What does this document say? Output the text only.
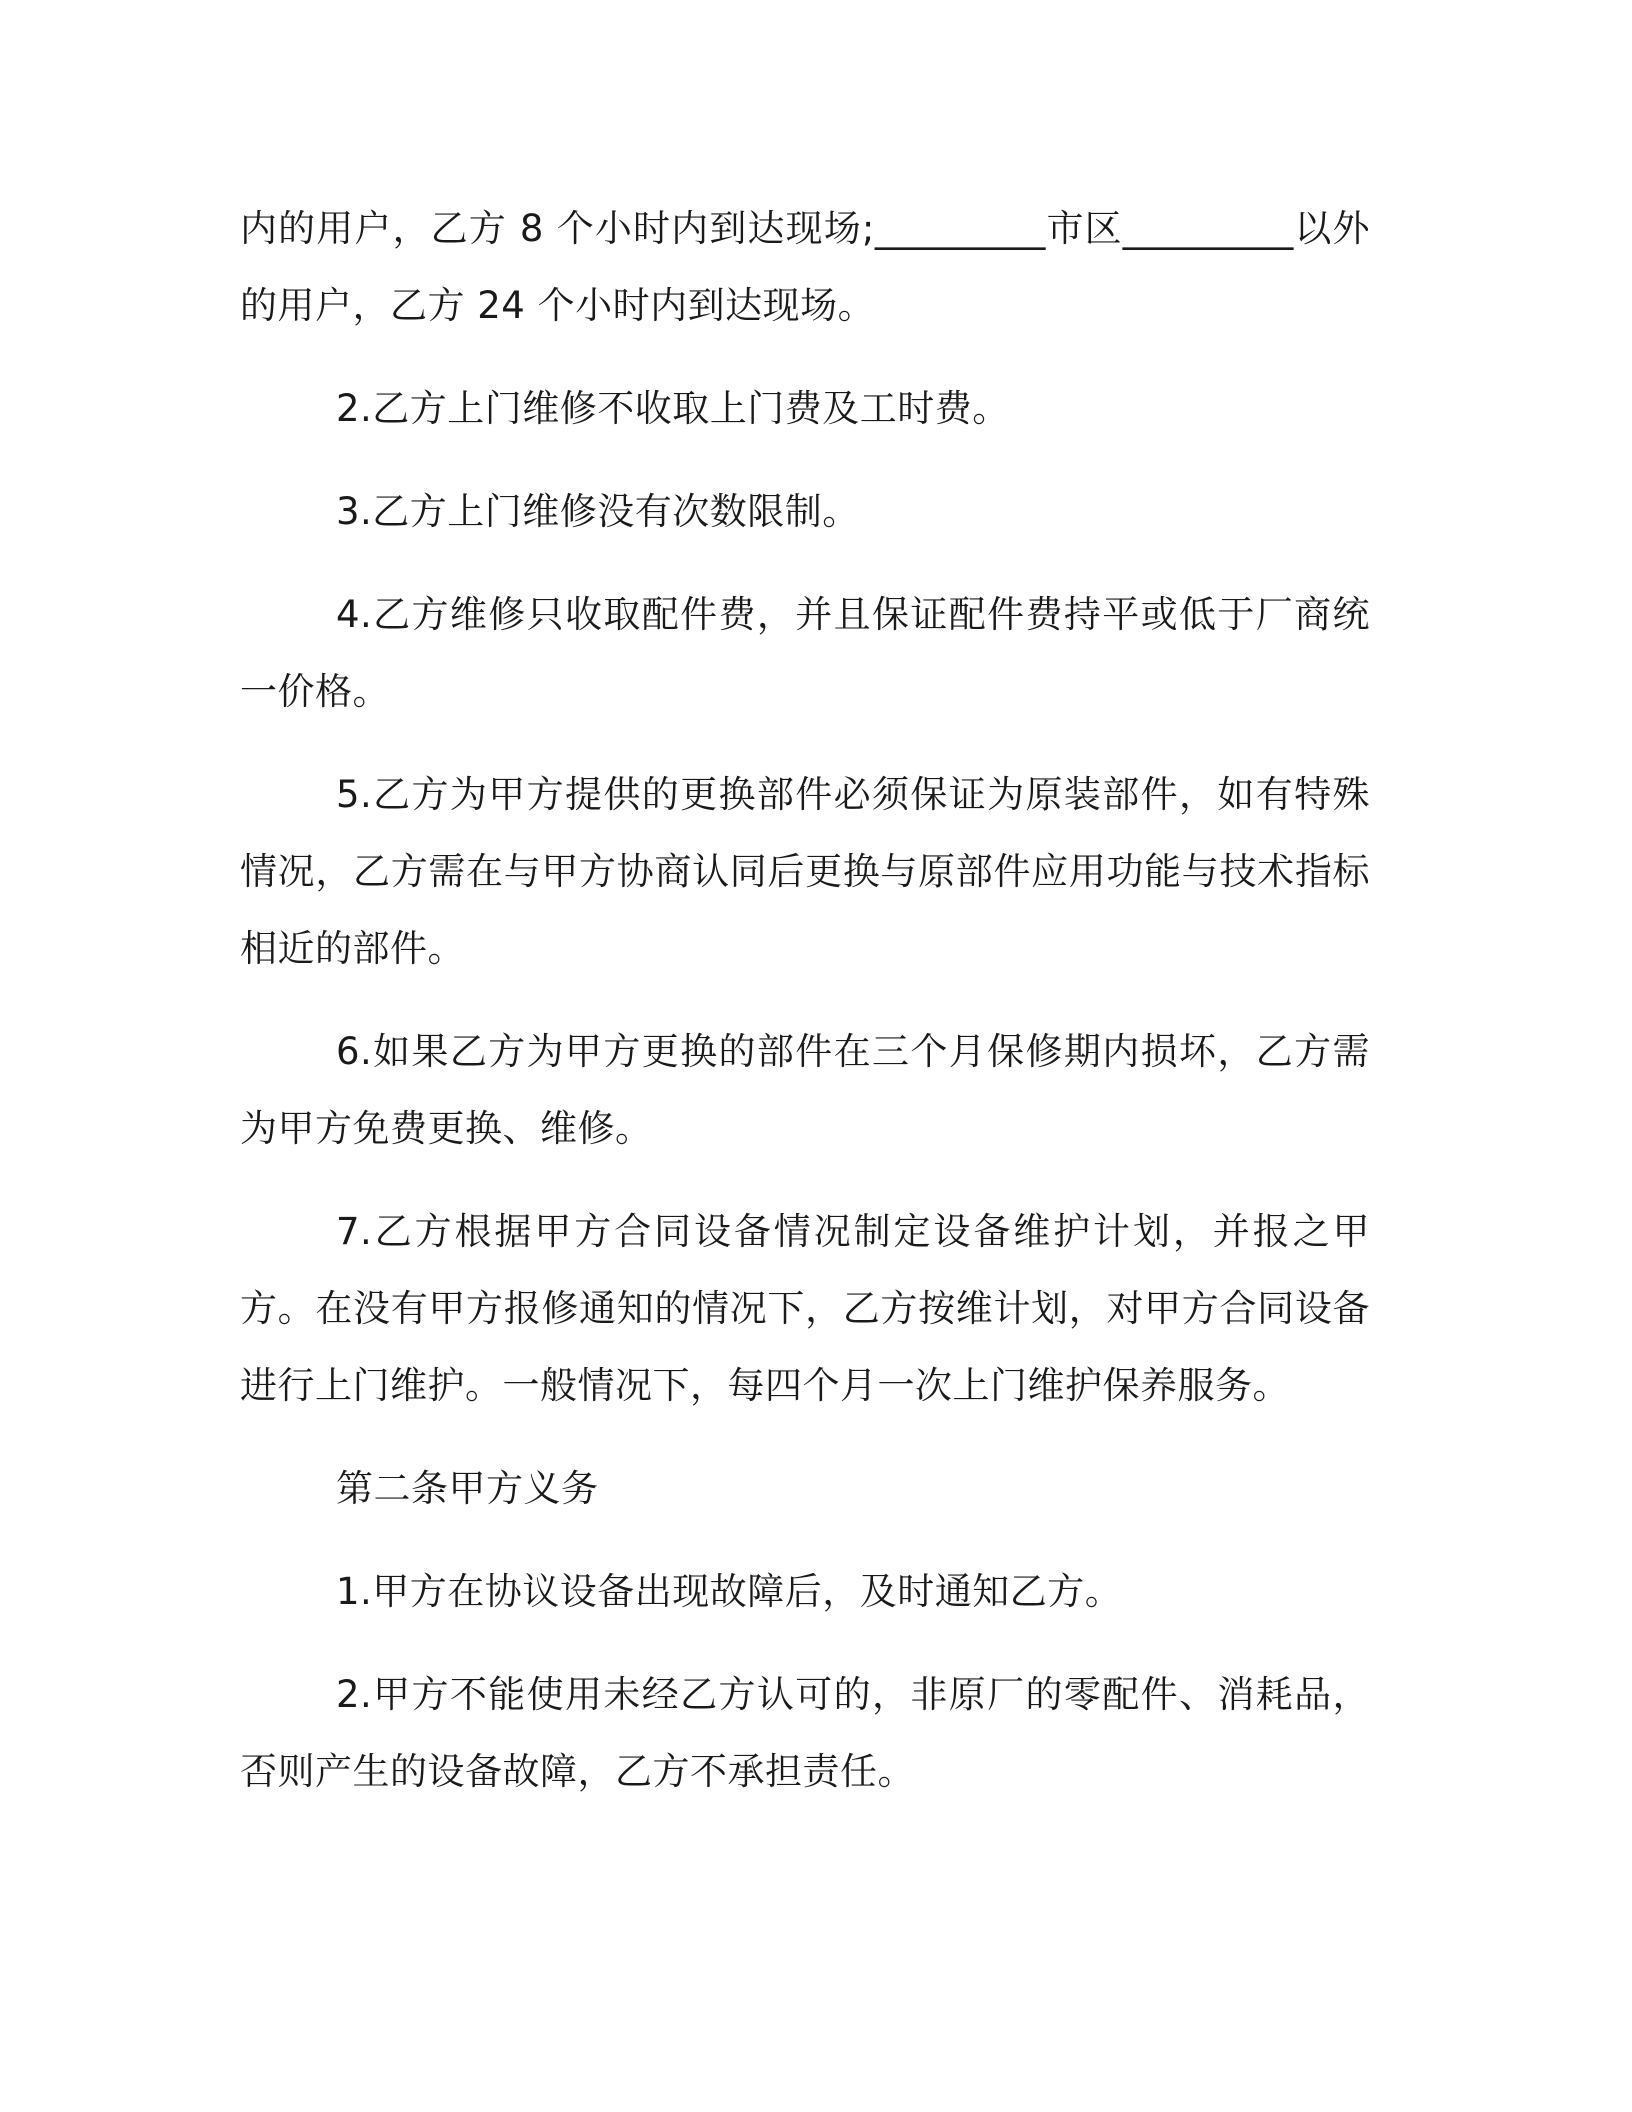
内的用户，乙方 8 个小时内到达现场;_________市区_________以外的用户，乙方 24 个小时内到达现场。

2.乙方上门维修不收取上门费及工时费。

3.乙方上门维修没有次数限制。

4.乙方维修只收取配件费，并且保证配件费持平或低于厂商统一价格。

5.乙方为甲方提供的更换部件必须保证为原装部件，如有特殊情况，乙方需在与甲方协商认同后更换与原部件应用功能与技术指标相近的部件。

6.如果乙方为甲方更换的部件在三个月保修期内损坏，乙方需为甲方免费更换、维修。

7.乙方根据甲方合同设备情况制定设备维护计划，并报之甲方。在没有甲方报修通知的情况下，乙方按维计划，对甲方合同设备进行上门维护。一般情况下，每四个月一次上门维护保养服务。

第二条甲方义务

1.甲方在协议设备出现故障后，及时通知乙方。

2.甲方不能使用未经乙方认可的，非原厂的零配件、消耗品，否则产生的设备故障，乙方不承担责任。
